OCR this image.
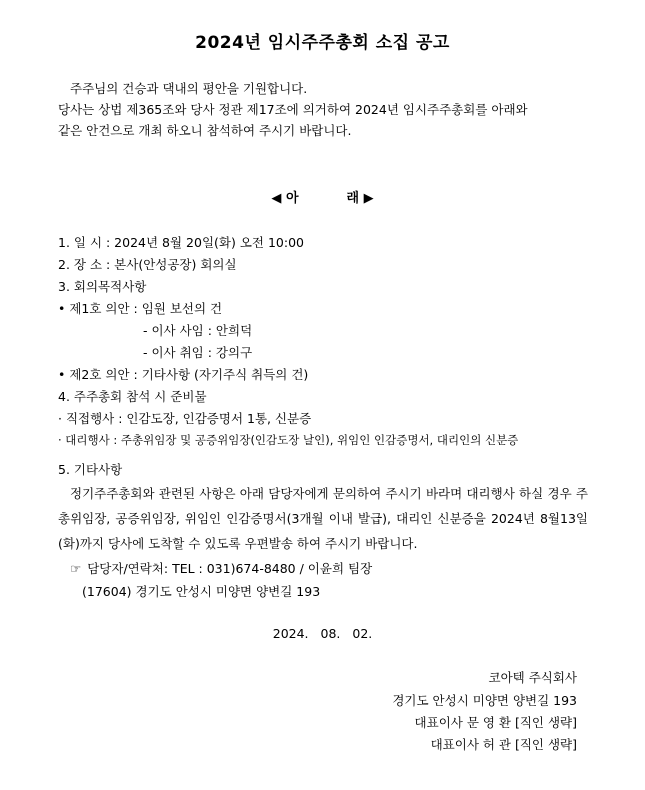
2024년 임시주주총회 소집 공고
주주님의 건승과 댁내의 평안을 기원합니다.
당사는 상법 제365조와 당사 정관 제17조에 의거하여 2024년 임시주주총회를 아래와
같은 안건으로 개최 하오니 참석하여 주시기 바랍니다.
◀ 아	래 ▶
1. 일 시 : 2024년 8월 20일(화) 오전 10:00
2. 장 소 : 본사(안성공장) 회의실
3. 회의목적사항
• 제1호 의안 : 임원 보선의 건
- 이사 사임 : 안희덕
- 이사 취임 : 강의구
• 제2호 의안 : 기타사항 (자기주식 취득의 건)
4. 주주총회 참석 시 준비물
· 직접행사 : 인감도장, 인감증명서 1통, 신분증
· 대리행사 : 주총위임장 및 공증위임장(인감도장 날인), 위임인 인감증명서, 대리인의 신분증
5. 기타사항
정기주주총회와 관련된 사항은 아래 담당자에게 문의하여 주시기 바라며 대리행사 하실 경우 주총위임장, 공증위임장, 위임인 인감증명서(3개월 이내 발급), 대리인 신분증을 2024년 8월13일(화)까지 당사에 도착할 수 있도록 우편발송 하여 주시기 바랍니다.
☞ 담당자/연락처: TEL : 031)674-8480 / 이윤희 팀장
(17604) 경기도 안성시 미양면 양변길 193
2024. 08. 02.
코아텍 주식회사
경기도 안성시 미양면 양변길 193
대표이사 문 영 환 [직인 생략]
대표이사 허 관 [직인 생략]
